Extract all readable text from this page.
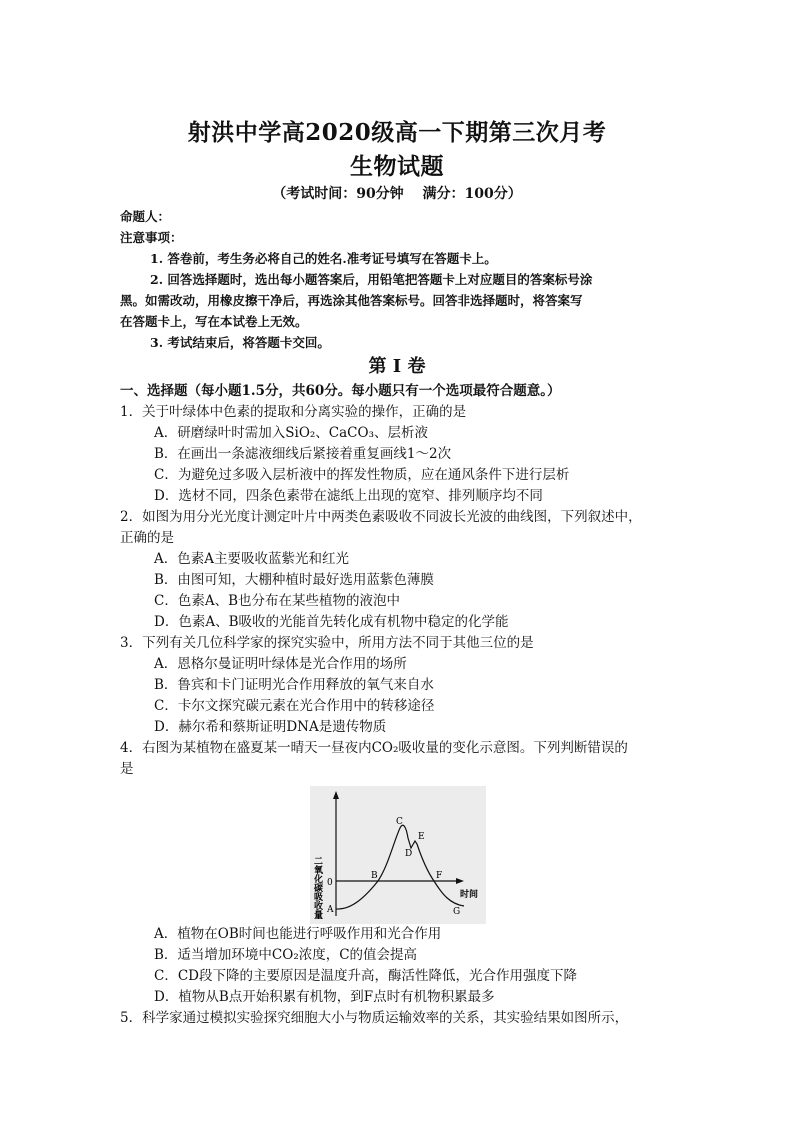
射洪中学高2020级高一下期第三次月考
生物试题
（考试时间：90分钟　 满分：100分）
命题人：
注意事项：
1. 答卷前，考生务必将自己的姓名.准考证号填写在答题卡上。
2. 回答选择题时，选出每小题答案后，用铅笔把答题卡上对应题目的答案标号涂
黑。如需改动，用橡皮擦干净后，再选涂其他答案标号。回答非选择题时，将答案写
在答题卡上，写在本试卷上无效。
3. 考试结束后，将答题卡交回。
第 I 卷
一、选择题（每小题1.5分，共60分。每小题只有一个选项最符合题意。）
1．关于叶绿体中色素的提取和分离实验的操作，正确的是
A．研磨绿叶时需加入SiO₂、CaCO₃、层析液
B．在画出一条滤液细线后紧接着重复画线1～2次
C．为避免过多吸入层析液中的挥发性物质，应在通风条件下进行层析
D．选材不同，四条色素带在滤纸上出现的宽窄、排列顺序均不同
2．如图为用分光光度计测定叶片中两类色素吸收不同波长光波的曲线图，下列叙述中，
正确的是
A．色素A主要吸收蓝紫光和红光
B．由图可知，大棚种植时最好选用蓝紫色薄膜
C．色素A、B也分布在某些植物的液泡中
D．色素A、B吸收的光能首先转化成有机物中稳定的化学能
3．下列有关几位科学家的探究实验中，所用方法不同于其他三位的是
A．恩格尔曼证明叶绿体是光合作用的场所
B．鲁宾和卡门证明光合作用释放的氧气来自水
C．卡尔文探究碳元素在光合作用中的转移途径
D．赫尔希和蔡斯证明DNA是遗传物质
4．右图为某植物在盛夏某一晴天一昼夜内CO₂吸收量的变化示意图。下列判断错误的
是
二氧化碳吸收量 0
时间
A
B
C
D
E
F
G
A．植物在OB时间也能进行呼吸作用和光合作用
B．适当增加环境中CO₂浓度，C的值会提高
C．CD段下降的主要原因是温度升高，酶活性降低，光合作用强度下降
D．植物从B点开始积累有机物，到F点时有机物积累最多
5．科学家通过模拟实验探究细胞大小与物质运输效率的关系，其实验结果如图所示，
